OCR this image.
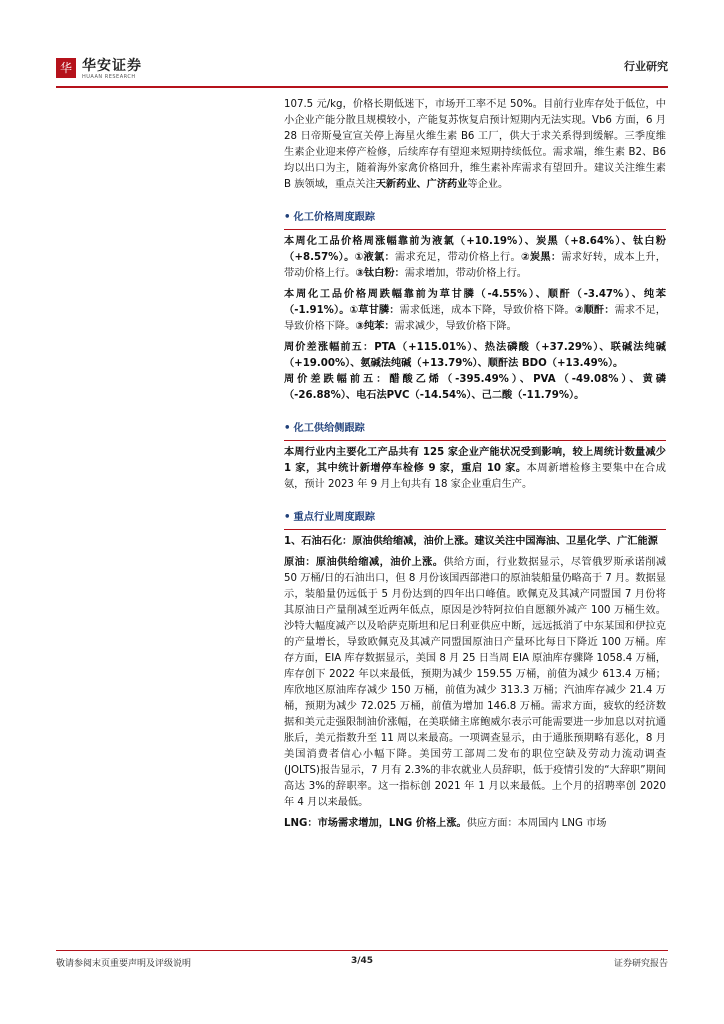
华 华安证券
HUAAN RESEARCH
行业研究

107.5 元/kg，价格长期低迷下，市场开工率不足 50%。目前行业库存处于低位，中小企业产能分散且规模较小，产能复苏恢复启预计短期内无法实现。Vb6 方面，6 月 28 日帝斯曼宣宣关停上海星火维生素 B6 工厂，供大于求关系得到缓解。三季度维生素企业迎来停产检修，后续库存有望迎来短期持续低位。需求端，维生素 B2、B6 均以出口为主，随着海外家禽价格回升，维生素补库需求有望回升。建议关注维生素 B 族领域，重点关注天新药业、广济药业等企业。

• 化工价格周度跟踪

本周化工品价格周涨幅靠前为液氯（+10.19%）、炭黑（+8.64%）、钛白粉（+8.57%）。①液氯：需求充足，带动价格上行。②炭黑：需求好转，成本上升，带动价格上行。③钛白粉：需求增加，带动价格上行。

本周化工品价格周跌幅靠前为草甘膦（-4.55%）、顺酐（-3.47%）、纯苯（-1.91%）。①草甘膦：需求低迷，成本下降，导致价格下降。②顺酐：需求不足，导致价格下降。③纯苯：需求减少，导致价格下降。

周价差涨幅前五：PTA（+115.01%）、热法磷酸（+37.29%）、联碱法纯碱（+19.00%）、氨碱法纯碱（+13.79%）、顺酐法 BDO（+13.49%）。

周价差跌幅前五：醋酸乙烯（-395.49%）、PVA（-49.08%）、黄磷（-26.88%）、电石法PVC（-14.54%）、己二酸（-11.79%）。

• 化工供给侧跟踪

本周行业内主要化工产品共有 125 家企业产能状况受到影响，较上周统计数量减少 1 家，其中统计新增停车检修 9 家，重启 10 家。本周新增检修主要集中在合成氨，预计 2023 年 9 月上旬共有 18 家企业重启生产。

• 重点行业周度跟踪

1、石油石化：原油供给缩减，油价上涨。建议关注中国海油、卫星化学、广汇能源

原油：原油供给缩减，油价上涨。供给方面，行业数据显示，尽管俄罗斯承诺削减 50 万桶/日的石油出口，但 8 月份该国西部港口的原油装船量仍略高于 7 月。数据显示，装船量仍远低于 5 月份达到的四年出口峰值。欧佩克及其减产同盟国 7 月份将其原油日产量削减至近两年低点，原因是沙特阿拉伯自愿额外减产 100 万桶生效。沙特大幅度减产以及哈萨克斯坦和尼日利亚供应中断，远远抵消了中东某国和伊拉克的产量增长，导致欧佩克及其减产同盟国原油日产量环比每日下降近 100 万桶。库存方面，EIA 库存数据显示，美国 8 月 25 日当周 EIA 原油库存骤降 1058.4 万桶，库存创下 2022 年以来最低，预期为减少 159.55 万桶，前值为减少 613.4 万桶；库欣地区原油库存减少 150 万桶，前值为减少 313.3 万桶；汽油库存减少 21.4 万桶，预期为减少 72.025 万桶，前值为增加 146.8 万桶。需求方面，疲软的经济数据和美元走强限制油价涨幅，在美联储主席鲍威尔表示可能需要进一步加息以对抗通胀后，美元指数升至 11 周以来最高。一项调查显示，由于通胀预期略有恶化，8 月美国消费者信心小幅下降。美国劳工部周二发布的职位空缺及劳动力流动调查(JOLTS)报告显示，7 月有 2.3%的非农就业人员辞职，低于疫情引发的“大辞职”期间高达 3%的辞职率。这一指标创 2021 年 1 月以来最低。上个月的招聘率创 2020 年 4 月以来最低。

LNG：市场需求增加，LNG 价格上涨。供应方面：本周国内 LNG 市场

敬请参阅末页重要声明及评级说明	3/45	证券研究报告
